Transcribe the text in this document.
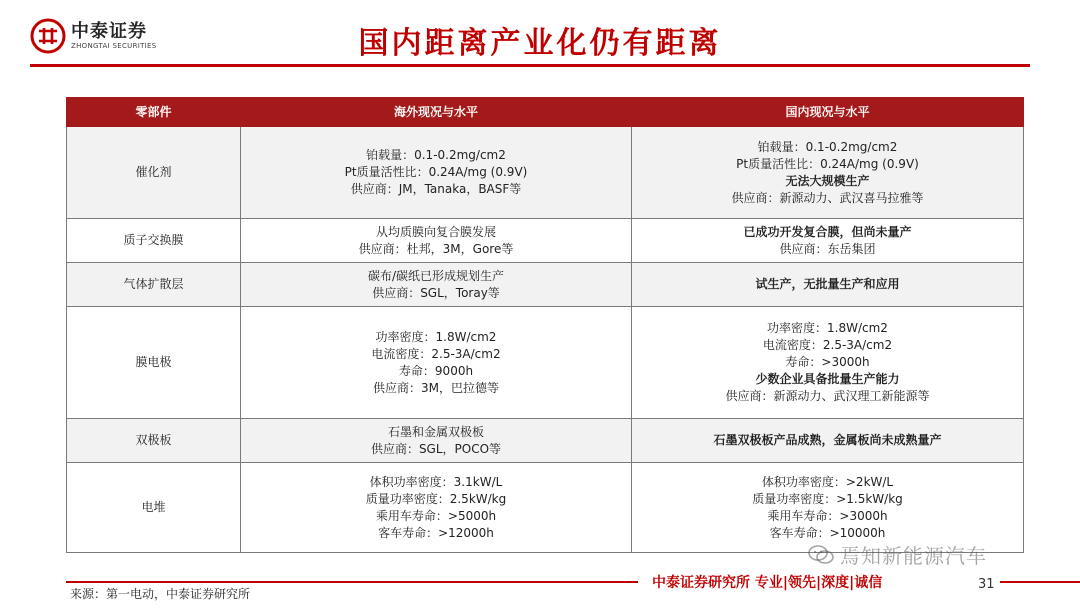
中泰证券
ZHONGTAI SECURITIES	国内距离产业化仍有距离
零部件	海外现况与水平	国内现况与水平
催化剂	铂载量：0.1-0.2mg/cm2
Pt质量活性比：0.24A/mg (0.9V)
供应商：JM，Tanaka，BASF等	铂载量：0.1-0.2mg/cm2
Pt质量活性比：0.24A/mg (0.9V)
无法大规模生产
供应商：新源动力、武汉喜马拉雅等

质子交换膜	从均质膜向复合膜发展
供应商：杜邦，3M，Gore等	已成功开发复合膜，但尚未量产
供应商：东岳集团

气体扩散层	碳布/碳纸已形成规划生产
供应商：SGL，Toray等	试生产，无批量生产和应用

膜电极	功率密度：1.8W/cm2
电流密度：2.5-3A/cm2
寿命：9000h
供应商：3M，巴拉德等	功率密度：1.8W/cm2
电流密度：2.5-3A/cm2
寿命：>3000h
少数企业具备批量生产能力
供应商：新源动力、武汉理工新能源等

双极板	石墨和金属双极板
供应商：SGL，POCO等	石墨双极板产品成熟，金属板尚未成熟量产

电堆	体积功率密度：3.1kW/L
质量功率密度：2.5kW/kg
乘用车寿命：>5000h
客车寿命：>12000h	体积功率密度：>2kW/L
质量功率密度：>1.5kW/kg
乘用车寿命：>3000h
客车寿命：>10000h
焉知新能源汽车
中泰证券研究所 专业|领先|深度|诚信	31
来源：第一电动，中泰证券研究所
